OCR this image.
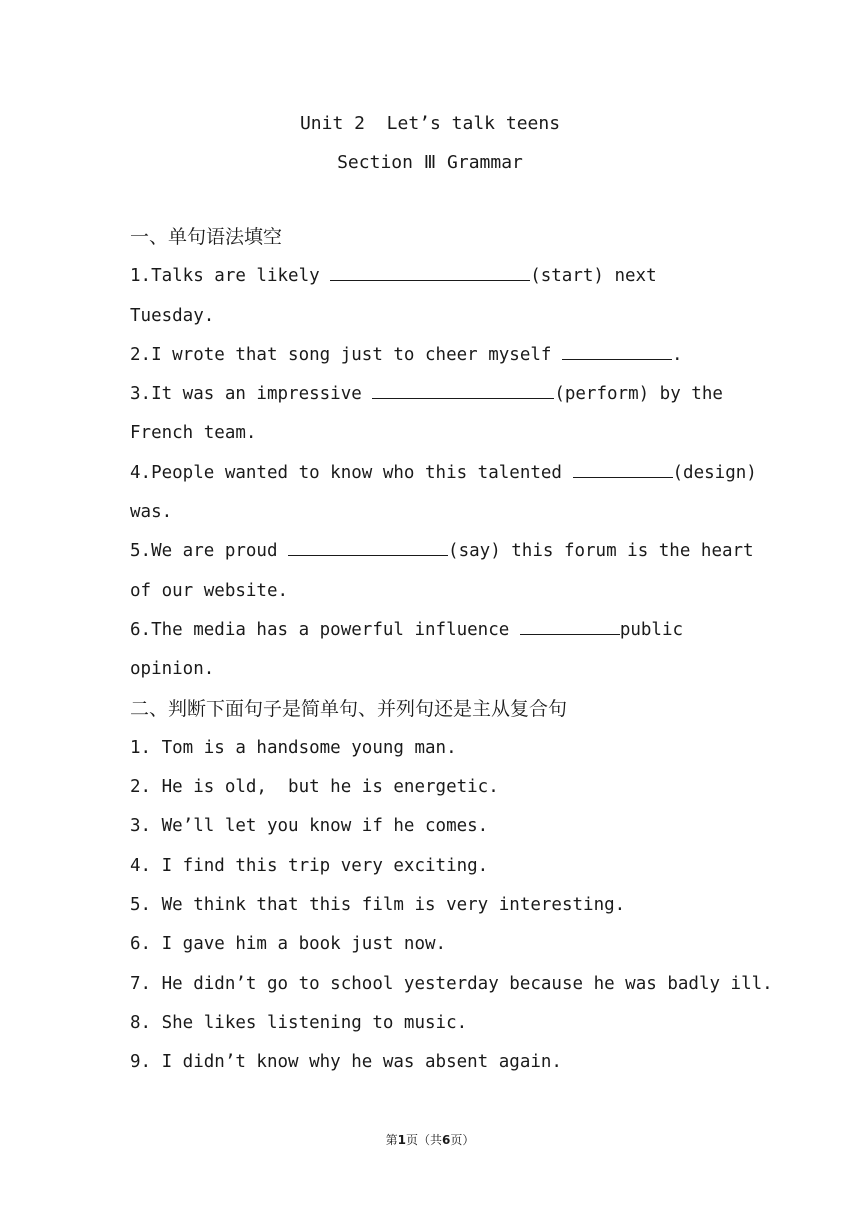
Unit 2  Let’s talk teens
Section Ⅲ Grammar
一、单句语法填空
1.Talks are likely	(start) next
Tuesday.
2.I wrote that song just to cheer myself	.
3.It was an impressive	(perform) by the
French team.
4.People wanted to know who this talented	(design)
was.
5.We are proud	(say) this forum is the heart
of our website.
6.The media has a powerful influence	public
opinion.
二、判断下面句子是简单句、并列句还是主从复合句
1. Tom is a handsome young man.
2. He is old,  but he is energetic.
3. We’ll let you know if he comes.
4. I find this trip very exciting.
5. We think that this film is very interesting.
6. I gave him a book just now.
7. He didn’t go to school yesterday because he was badly ill.
8. She likes listening to music.
9. I didn’t know why he was absent again.
第1页（共6页）
